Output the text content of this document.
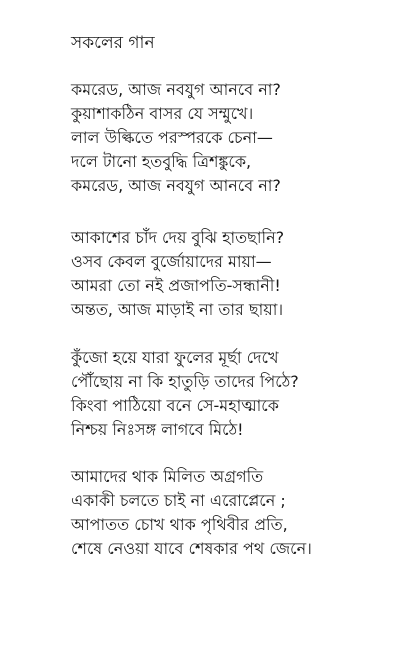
সকলের গান
কমরেড, আজ নবযুগ আনবে না?
কুয়াশাকঠিন বাসর যে সম্মুখে।
লাল উল্কিতে পরস্পরকে চেনা—
দলে টানো হতবুদ্ধি ত্রিশঙ্কুকে,
কমরেড, আজ নবযুগ আনবে না?
আকাশের চাঁদ দেয় বুঝি হাতছানি?
ওসব কেবল বুর্জোয়াদের মায়া—
আমরা তো নই প্রজাপতি-সন্ধানী!
অন্তত, আজ মাড়াই না তার ছায়া।
কুঁজো হয়ে যারা ফুলের মূর্ছা দেখে
পৌঁছোয় না কি হাতুড়ি তাদের পিঠে?
কিংবা পাঠিয়ো বনে সে-মহাত্মাকে
নিশ্চয় নিঃসঙ্গ লাগবে মিঠে!
আমাদের থাক মিলিত অগ্রগতি
একাকী চলতে চাই না এরোপ্লেনে ;
আপাতত চোখ থাক পৃথিবীর প্রতি,
শেষে নেওয়া যাবে শেষকার পথ জেনে।
